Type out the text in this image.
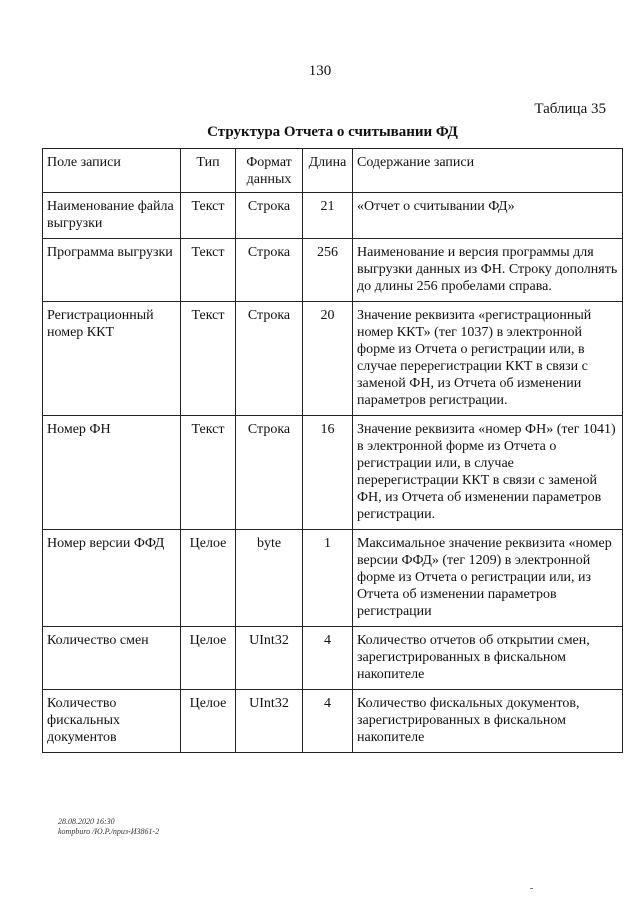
130
Таблица 35
Структура Отчета о считывании ФД
Поле записи	Тип	Формат данных	Длина	Содержание записи
Наименование файла выгрузки	Текст	Строка	21	«Отчет о считывании ФД»
Программа выгрузки	Текст	Строка	256	Наименование и версия программы для выгрузки данных из ФН. Строку дополнять до длины 256 пробелами справа.
Регистрационный номер ККТ	Текст	Строка	20	Значение реквизита «регистрационный номер ККТ» (тег 1037) в электронной форме из Отчета о регистрации или, в случае перерегистрации ККТ в связи с заменой ФН, из Отчета об изменении параметров регистрации.
Номер ФН	Текст	Строка	16	Значение реквизита «номер ФН» (тег 1041) в электронной форме из Отчета о регистрации или, в случае перерегистрации ККТ в связи с заменой ФН, из Отчета об изменении параметров регистрации.
Номер версии ФФД	Целое	byte	1	Максимальное значение реквизита «номер версии ФФД» (тег 1209) в электронной форме из Отчета о регистрации или, из Отчета об изменении параметров регистрации
Количество смен	Целое	UInt32	4	Количество отчетов об открытии смен, зарегистрированных в фискальном накопителе
Количество фискальных документов	Целое	UInt32	4	Количество фискальных документов, зарегистрированных в фискальном накопителе
28.08.2020 16:30
kompburo /Ю.Р./приз-И3861-2
-
